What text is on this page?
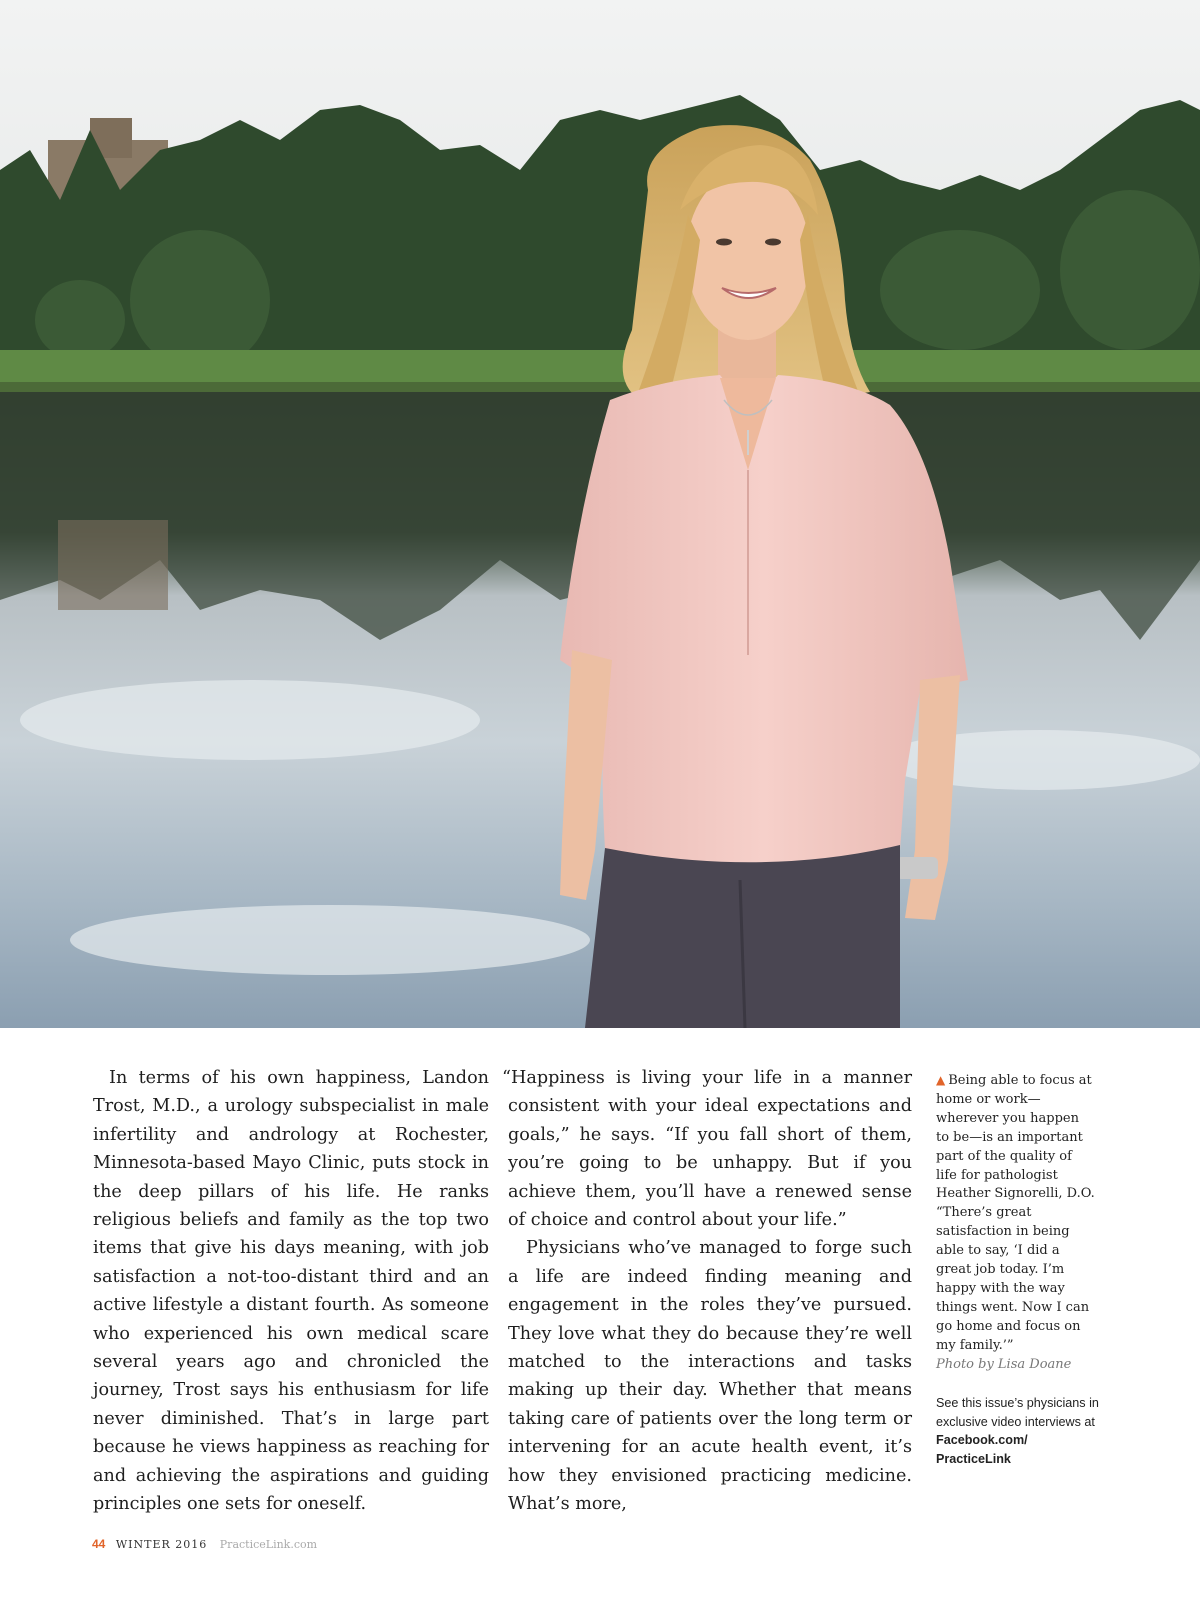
In terms of his own happiness, Landon Trost, M.D., a urology subspecialist in male infertility and andrology at Rochester, Minnesota-based Mayo Clinic, puts stock in the deep pillars of his life. He ranks religious beliefs and family as the top two items that give his days meaning, with job satisfaction a not-too-distant third and an active lifestyle a distant fourth. As someone who experienced his own medical scare several years ago and chronicled the journey, Trost says his enthusiasm for life never diminished. That’s in large part because he views happiness as reaching for and achieving the aspirations and guiding principles one sets for oneself.

“Happiness is living your life in a manner consistent with your ideal expectations and goals,” he says. “If you fall short of them, you’re going to be unhappy. But if you achieve them, you’ll have a renewed sense of choice and control about your life.”

Physicians who’ve managed to forge such a life are indeed finding meaning and engagement in the roles they’ve pursued. They love what they do because they’re well matched to the interactions and tasks making up their day. Whether that means taking care of patients over the long term or intervening for an acute health event, it’s how they envisioned practicing medicine. What’s more,

▲ Being able to focus at home or work—wherever you happen to be—is an important part of the quality of life for pathologist Heather Signorelli, D.O. “There’s great satisfaction in being able to say, ‘I did a great job today. I’m happy with the way things went. Now I can go home and focus on my family.’”
Photo by Lisa Doane

See this issue’s physicians in exclusive video interviews at
Facebook.com/
PracticeLink
44 WINTER 2016 PracticeLink.com
